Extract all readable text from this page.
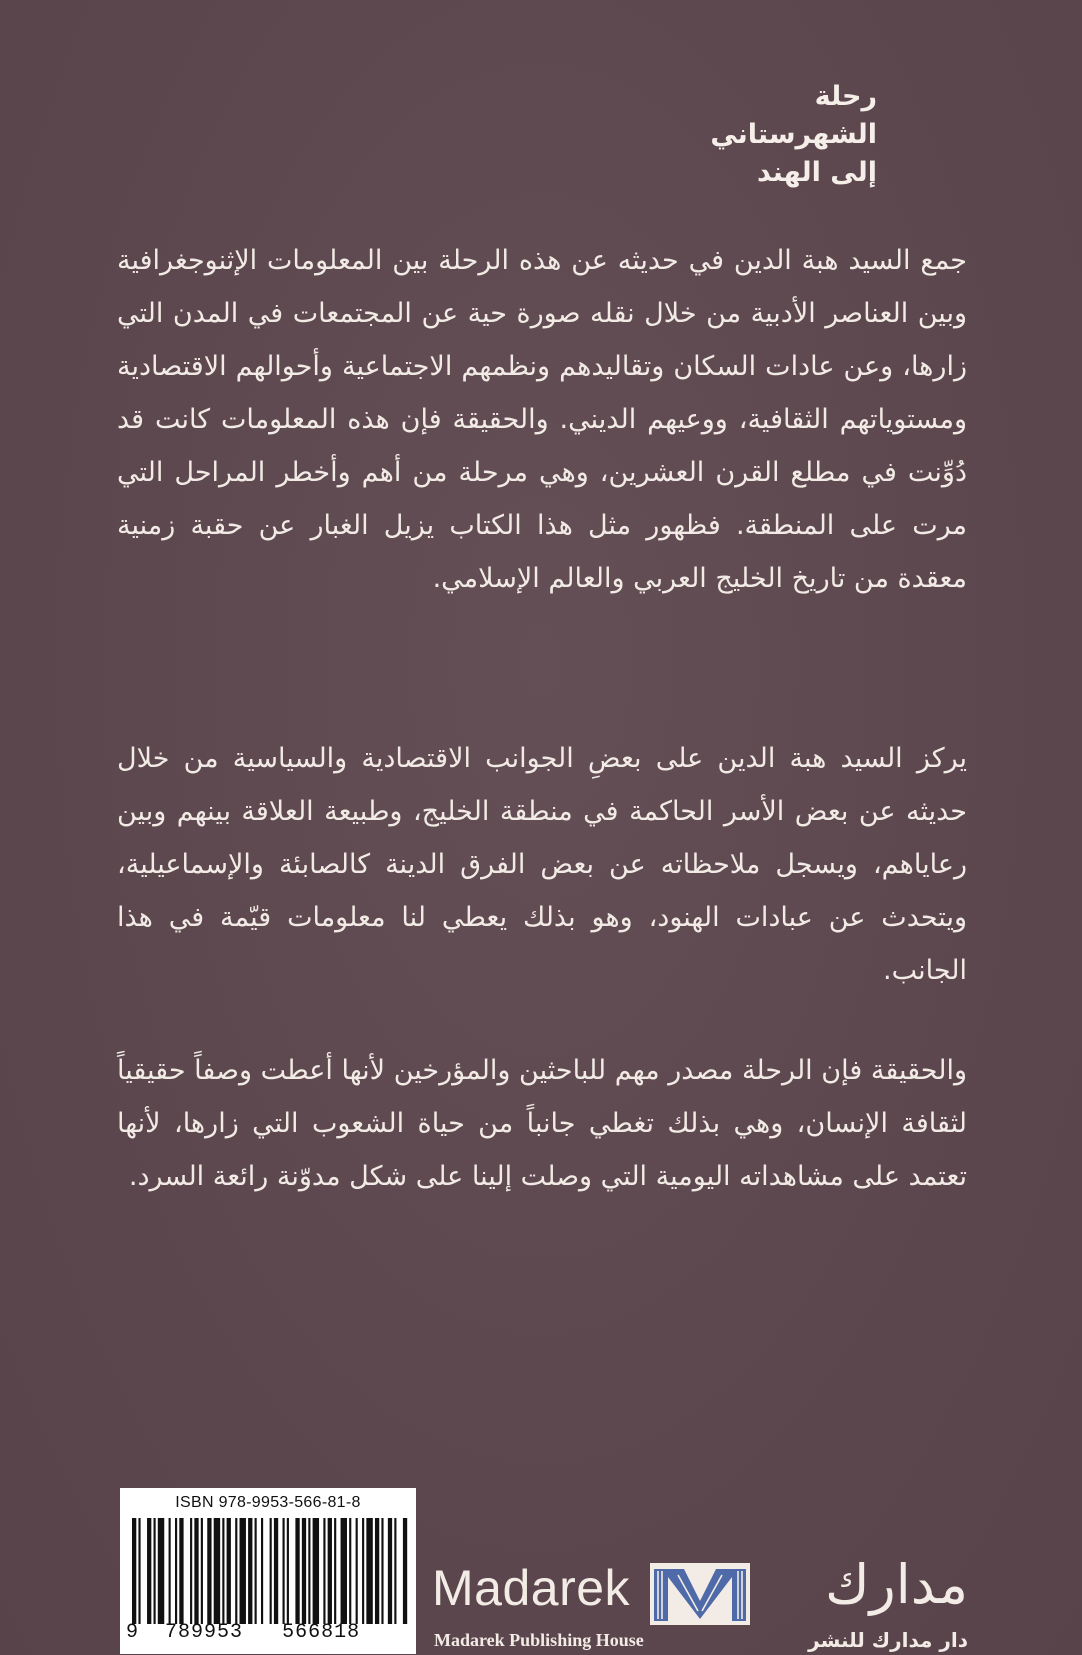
رحلة
الشهرستاني
إلى الهند

جمع السيد هبة الدين في حديثه عن هذه الرحلة بين المعلومات الإثنوجغرافية وبين العناصر الأدبية من خلال نقله صورة حية عن المجتمعات في المدن التي زارها، وعن عادات السكان وتقاليدهم ونظمهم الاجتماعية وأحوالهم الاقتصادية ومستوياتهم الثقافية، ووعيهم الديني. والحقيقة فإن هذه المعلومات كانت قد دُوِّنت في مطلع القرن العشرين، وهي مرحلة من أهم وأخطر المراحل التي مرت على المنطقة. فظهور مثل هذا الكتاب يزيل الغبار عن حقبة زمنية معقدة من تاريخ الخليج العربي والعالم الإسلامي.

يركز السيد هبة الدين على بعضِ الجوانب الاقتصادية والسياسية من خلال حديثه عن بعض الأسر الحاكمة في منطقة الخليج، وطبيعة العلاقة بينهم وبين رعاياهم، ويسجل ملاحظاته عن بعض الفرق الدينة كالصابئة والإسماعيلية، ويتحدث عن عبادات الهنود، وهو بذلك يعطي لنا معلومات قيّمة في هذا الجانب.

والحقيقة فإن الرحلة مصدر مهم للباحثين والمؤرخين لأنها أعطت وصفاً حقيقياً لثقافة الإنسان، وهي بذلك تغطي جانباً من حياة الشعوب التي زارها، لأنها تعتمد على مشاهداته اليومية التي وصلت إلينا على شكل مدوّنة رائعة السرد.

ISBN 978-9953-566-81-8
9 789953 566818
Madarek
Madarek Publishing House
مدارك
دار مدارك للنشر
